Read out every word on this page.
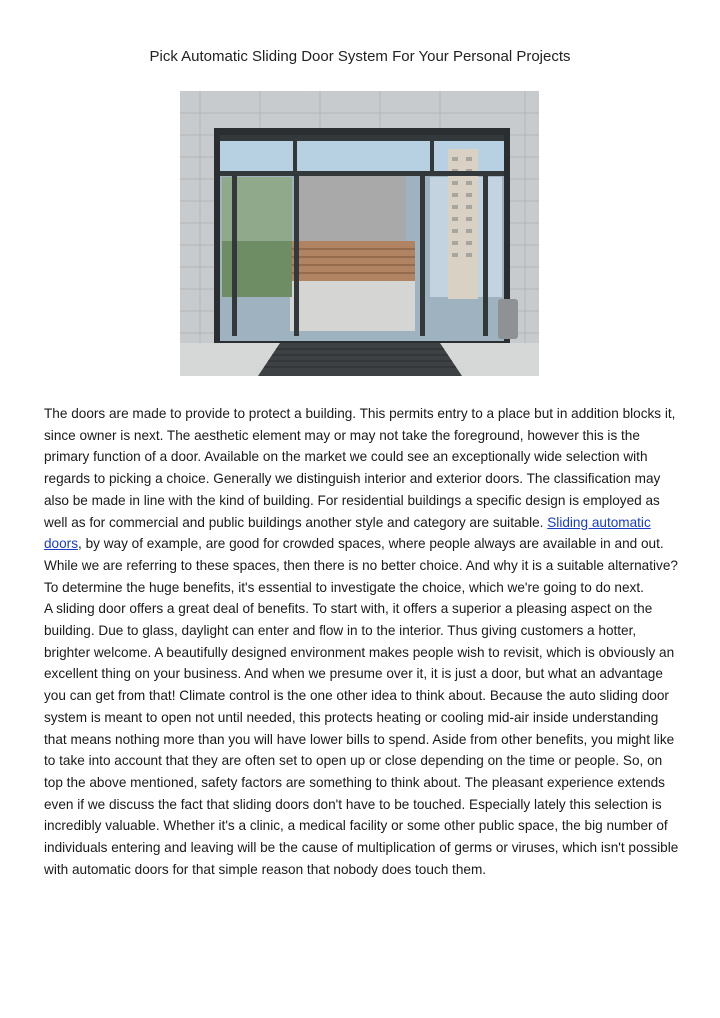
Pick Automatic Sliding Door System For Your Personal Projects

The doors are made to provide to protect a building. This permits entry to a place but in addition blocks it, since owner is next. The aesthetic element may or may not take the foreground, however this is the primary function of a door. Available on the market we could see an exceptionally wide selection with regards to picking a choice. Generally we distinguish interior and exterior doors. The classification may also be made in line with the kind of building. For residential buildings a specific design is employed as well as for commercial and public buildings another style and category are suitable. Sliding automatic doors, by way of example, are good for crowded spaces, where people always are available in and out. While we are referring to these spaces, then there is no better choice. And why it is a suitable alternative? To determine the huge benefits, it's essential to investigate the choice, which we're going to do next.

A sliding door offers a great deal of benefits. To start with, it offers a superior a pleasing aspect on the building. Due to glass, daylight can enter and flow in to the interior. Thus giving customers a hotter, brighter welcome. A beautifully designed environment makes people wish to revisit, which is obviously an excellent thing on your business. And when we presume over it, it is just a door, but what an advantage you can get from that! Climate control is the one other idea to think about. Because the auto sliding door system is meant to open not until needed, this protects heating or cooling mid-air inside understanding that means nothing more than you will have lower bills to spend. Aside from other benefits, you might like to take into account that they are often set to open up or close depending on the time or people. So, on top the above mentioned, safety factors are something to think about. The pleasant experience extends even if we discuss the fact that sliding doors don't have to be touched. Especially lately this selection is incredibly valuable. Whether it's a clinic, a medical facility or some other public space, the big number of individuals entering and leaving will be the cause of multiplication of germs or viruses, which isn't possible with automatic doors for that simple reason that nobody does touch them.
